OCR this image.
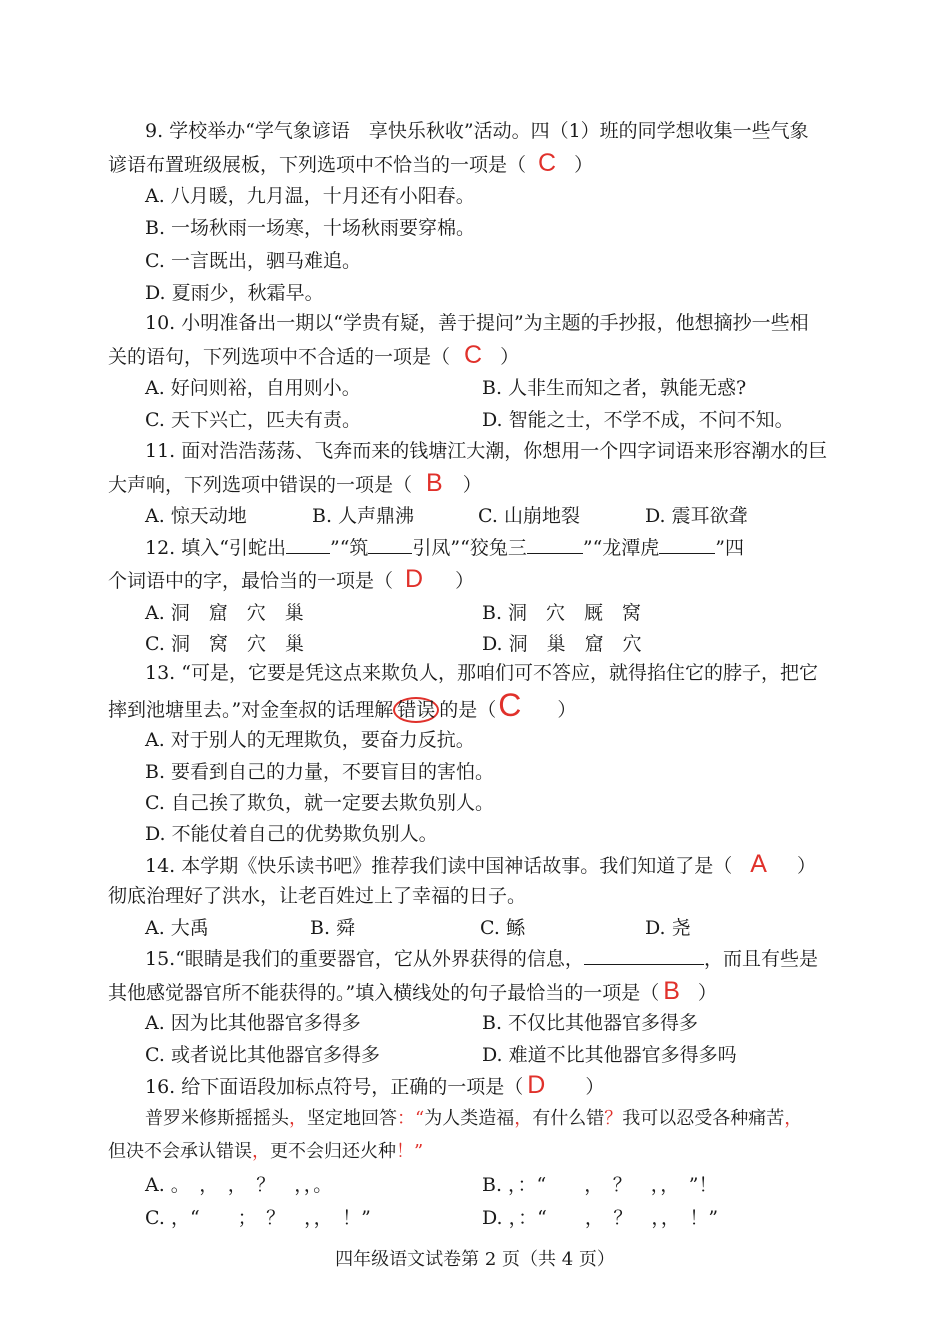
9. 学校举办“学气象谚语　享快乐秋收”活动。四（1）班的同学想收集一些气象
谚语布置班级展板，下列选项中不恰当的一项是（ C ）
A. 八月暖，九月温，十月还有小阳春。
B. 一场秋雨一场寒，十场秋雨要穿棉。
C. 一言既出，驷马难追。
D. 夏雨少，秋霜早。
10. 小明准备出一期以“学贵有疑，善于提问”为主题的手抄报，他想摘抄一些相
关的语句，下列选项中不合适的一项是（ C ）
A. 好问则裕，自用则小。	B. 人非生而知之者，孰能无惑?
C. 天下兴亡，匹夫有责。	D. 智能之士，不学不成，不问不知。
11. 面对浩浩荡荡、飞奔而来的钱塘江大潮，你想用一个四字词语来形容潮水的巨
大声响，下列选项中错误的一项是（ B ）
A. 惊天动地	B. 人声鼎沸	C. 山崩地裂	D. 震耳欲聋
12. 填入“引蛇出 ”“筑 引凤”“狡兔三	”“龙潭虎	”四
个词语中的字，最恰当的一项是（ D ）
A. 洞　窟　穴　巢	B. 洞　穴　厩　窝
C. 洞　窝　穴　巢	D. 洞　巢　窟　穴
13. “可是，它要是凭这点来欺负人，那咱们可不答应，就得掐住它的脖子，把它
摔到池塘里去。”对金奎叔的话理解 错误 的是（C ）
A. 对于别人的无理欺负，要奋力反抗。
B. 要看到自己的力量，不要盲目的害怕。
C. 自己挨了欺负，就一定要去欺负别人。
D. 不能仗着自己的优势欺负别人。
14. 本学期《快乐读书吧》推荐我们读中国神话故事。我们知道了是（ A ）
彻底治理好了洪水，让老百姓过上了幸福的日子。
A. 大禹	B. 舜	C. 鲧	D. 尧
15.“眼睛是我们的重要器官，它从外界获得的信息，	，而且有些是
其他感觉器官所不能获得的。”填入横线处的句子最恰当的一项是（ B ）
A. 因为比其他器官多得多	B. 不仅比其他器官多得多
C. 或者说比其他器官多得多	D. 难道不比其他器官多得多吗
16. 给下面语段加标点符号，正确的一项是（ D ）
普罗米修斯摇摇头，坚定地回答：“为人类造福，有什么错？我可以忍受各种痛苦，
但决不会承认错误，更不会归还火种！”
A. 。　，　，　？　，，。	B. ，：“　　，　？　，，　”！
C. ，“　　；　？　，，　！”	D. ，：“　　，　？　，，　！”
四年级语文试卷第 2 页（共 4 页）
